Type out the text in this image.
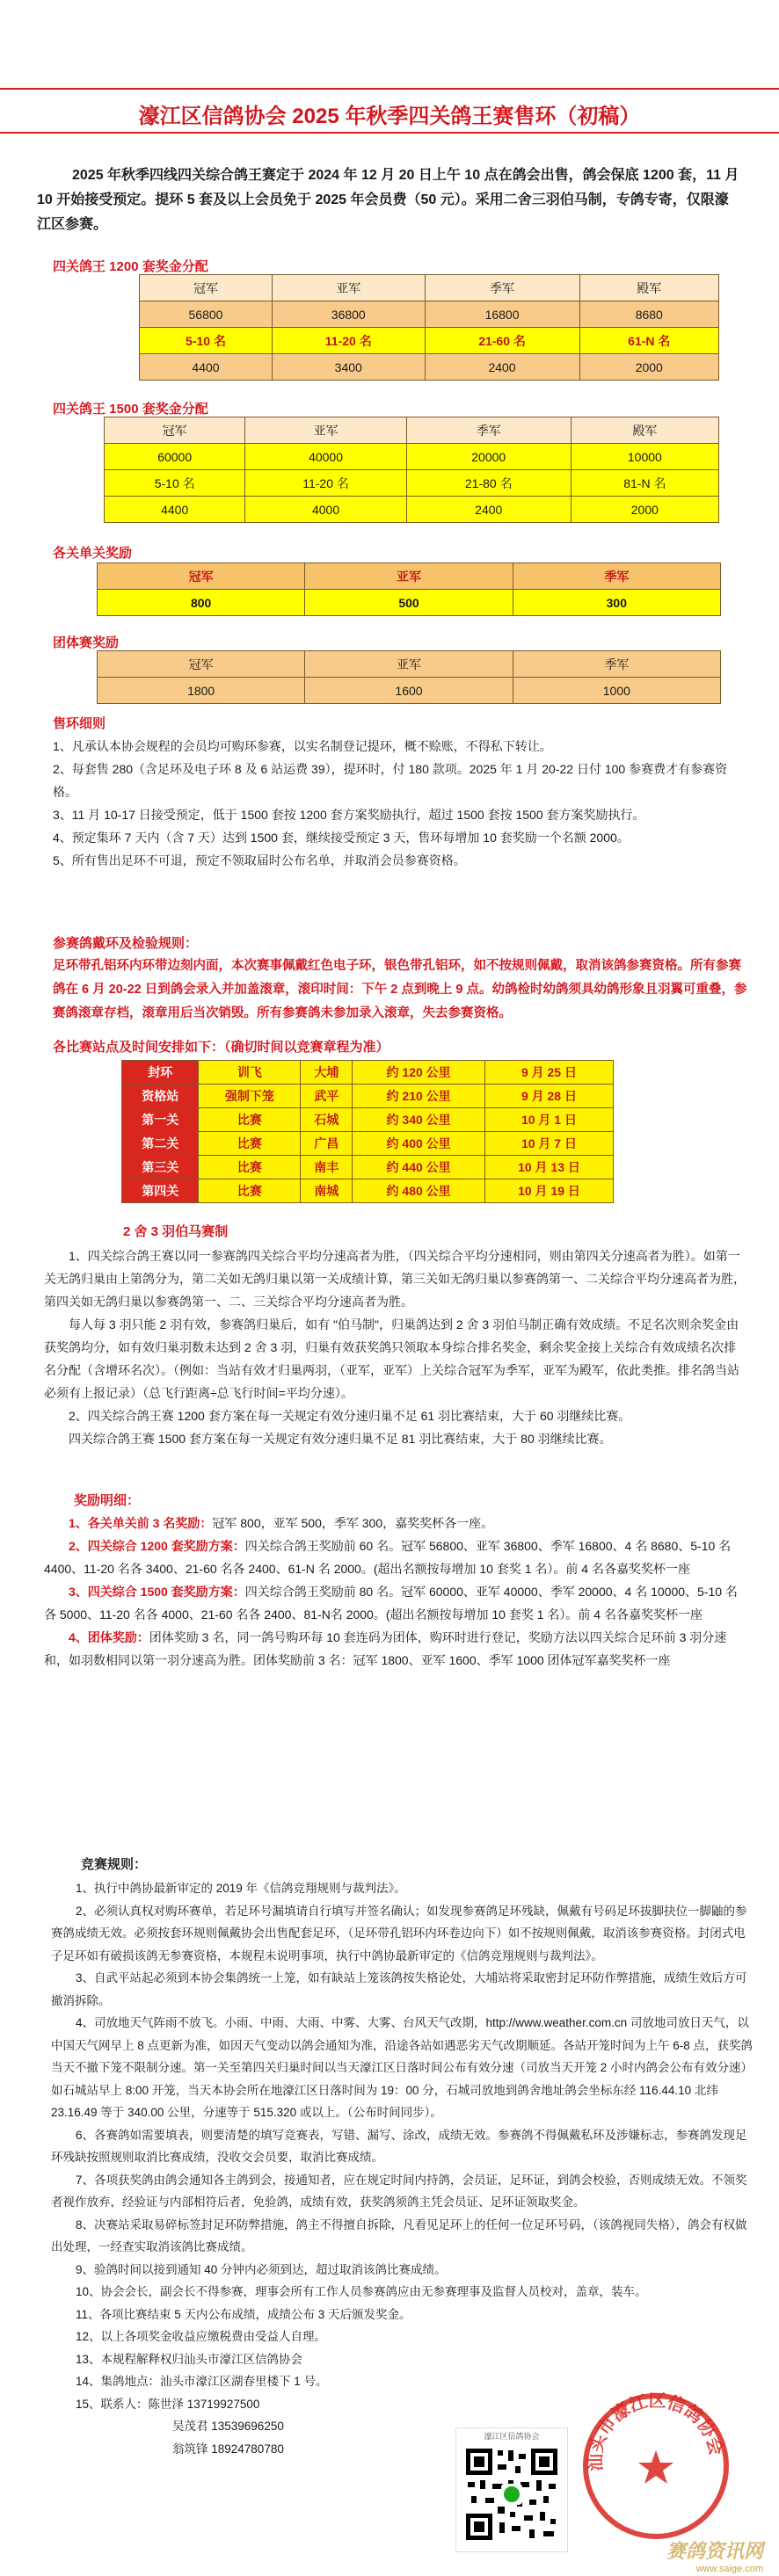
濠江区信鸽协会 2025 年秋季四关鸽王赛售环（初稿）
2025 年秋季四线四关综合鸽王赛定于 2024 年 12 月 20 日上午 10 点在鸽会出售，鸽会保底 1200 套，11 月 10 开始接受预定。提环 5 套及以上会员免于 2025 年会员费（50 元）。采用二舍三羽伯马制，专鸽专寄，仅限濠江区参赛。
四关鸽王 1200 套奖金分配
冠军	亚军	季军	殿军
56800	36800	16800	8680
5-10 名	11-20 名	21-60 名	61-N 名
4400	3400	2400	2000
四关鸽王 1500 套奖金分配
冠军	亚军	季军	殿军
60000	40000	20000	10000
5-10 名	11-20 名	21-80 名	81-N 名
4400	4000	2400	2000
各关单关奖励
冠军	亚军	季军
800	500	300
团体赛奖励
冠军	亚军	季军
1800	1600	1000
售环细则
1、凡承认本协会规程的会员均可购环参赛，以实名制登记提环，概不赊账，不得私下转让。
2、每套售 280（含足环及电子环 8 及 6 站运费 39），提环时，付 180 款项。2025 年 1 月 20-22 日付 100 参赛费才有参赛资格。
3、11 月 10-17 日接受预定，低于 1500 套按 1200 套方案奖励执行，超过 1500 套按 1500 套方案奖励执行。
4、预定集环 7 天内（含 7 天）达到 1500 套，继续接受预定 3 天，售环每增加 10 套奖励一个名额 2000。
5、所有售出足环不可退，预定不领取届时公布名单，并取消会员参赛资格。
参赛鸽戴环及检验规则：
足环带孔铝环内环带边刻内面，本次赛事佩戴红色电子环，银色带孔铝环，如不按规则佩戴，取消该鸽参赛资格。所有参赛鸽在 6 月 20-22 日到鸽会录入并加盖滚章，滚印时间：下午 2 点到晚上 9 点。幼鸽检时幼鸽须具幼鸽形象且羽翼可重叠，参赛鸽滚章存档，滚章用后当次销毁。所有参赛鸽未参加录入滚章，失去参赛资格。
各比赛站点及时间安排如下：（确切时间以竞赛章程为准）
封环	训飞	大埔	约 120 公里	9 月 25 日
资格站	强制下笼	武平	约 210 公里	9 月 28 日
第一关	比赛	石城	约 340 公里	10 月 1 日
第二关	比赛	广昌	约 400 公里	10 月 7 日
第三关	比赛	南丰	约 440 公里	10 月 13 日
第四关	比赛	南城	约 480 公里	10 月 19 日
2 舍 3 羽伯马赛制
1、四关综合鸽王赛以同一参赛鸽四关综合平均分速高者为胜，（四关综合平均分速相同，则由第四关分速高者为胜）。如第一关无鸽归巢由上第鸽分为，第二关如无鸽归巢以第一关成绩计算，第三关如无鸽归巢以参赛鸽第一、二关综合平均分速高者为胜，第四关如无鸽归巢以参赛鸽第一、二、三关综合平均分速高者为胜。
每人每 3 羽只能 2 羽有效，参赛鸽归巢后，如有 "伯马制"，归巢鸽达到 2 舍 3 羽伯马制正确有效成绩。不足名次则余奖金由获奖鸽均分，如有效归巢羽数未达到 2 舍 3 羽，归巢有效获奖鸽只领取本身综合排名奖金，剩余奖金接上关综合有效成绩名次排名分配（含增环名次）。（例如：当站有效才归巢两羽，（亚军，亚军）上关综合冠军为季军，亚军为殿军，依此类推。排名鸽当站必须有上报记录）（总飞行距离÷总飞行时间=平均分速）。
2、四关综合鸽王赛 1200 套方案在每一关规定有效分速归巢不足 61 羽比赛结束，大于 60 羽继续比赛。
四关综合鸽王赛 1500 套方案在每一关规定有效分速归巢不足 81 羽比赛结束，大于 80 羽继续比赛。
奖励明细：
1、各关单关前 3 名奖励：冠军 800，亚军 500，季军 300，嘉奖奖杯各一座。
2、四关综合 1200 套奖励方案：四关综合鸽王奖励前 60 名。冠军 56800、亚军 36800、季军 16800、4 名 8680、5-10 名 4400、11-20 名各 3400、21-60 名各 2400、61-N 名 2000。(超出名额按每增加 10 套奖 1 名）。前 4 名各嘉奖奖杯一座
3、四关综合 1500 套奖励方案：四关综合鸽王奖励前 80 名。冠军 60000、亚军 40000、季军 20000、4 名 10000、5-10 名各 5000、11-20 名各 4000、21-60 名各 2400、81-N名 2000。(超出名额按每增加 10 套奖 1 名）。前 4 名各嘉奖奖杯一座
4、团体奖励：团体奖励 3 名，同一鸽号购环每 10 套连码为团体，购环时进行登记，奖励方法以四关综合足环前 3 羽分速和，如羽数相同以第一羽分速高为胜。团体奖励前 3 名：冠军 1800、亚军 1600、季军 1000 团体冠军嘉奖奖杯一座
竞赛规则：
1、执行中鸽协最新审定的 2019 年《信鸽竞翔规则与裁判法》。
2、必须认真权对购环赛单，若足环号漏填请自行填写并签名确认；如发现参赛鸽足环残缺，佩戴有号码足环拔脚抉位一脚鼬的参赛鸽成绩无效。必须按套环规则佩戴协会出售配套足环，（足环带孔铝环内环卷边向下）如不按规则佩戴，取消该参赛资格。封闭式电子足环如有破损该鸽无参赛资格，本规程未说明事项，执行中鸽协最新审定的《信鸽竞翔规则与裁判法》。
3、自武平站起必须到本协会集鸽统一上笼，如有缺站上笼该鸽按失格论处，大埔站将采取密封足环防作弊措施，成绩生效后方可撤消拆除。
4、司放地天气阵雨不放飞。小雨、中雨、大雨、中雾、大雾、台风天气改期，http://www.weather.com.cn 司放地司放日天气，以中国天气网早上 8 点更新为准，如因天气变动以鸽会通知为准，沿途各站如遇恶劣天气改期顺延。各站开笼时间为上午 6-8 点，获奖鸽当天不撤下笼不限制分速。第一关至第四关归巢时间以当天濠江区日落时间公布有效分速（司放当天开笼 2 小时内鸽会公布有效分速）如石城站早上 8:00 开笼，当天本协会所在地濠江区日落时间为 19：00 分，石城司放地到鸽舍地址鸽会坐标东经 116.44.10 北纬 23.16.49 等于 340.00 公里，分速等于 515.320 或以上。（公布时间同步）。
6、各赛鸽如需要填表，则要清楚的填写竞赛表，写错、漏写、涂改，成绩无效。参赛鸽不得佩戴私环及涉嫌标志，参赛鸽发现足环残缺按照规则取消比赛成绩，没收交会员要，取消比赛成绩。
7、各项获奖鸽由鸽会通知各主鸽到会，接通知者，应在规定时间内持鸽，会员证，足环证，到鸽会校验，否则成绩无效。不领奖者视作放弃，经验证与内部相符后者，免验鸽，成绩有效，获奖鸽须鸽主凭会员证、足环证领取奖金。
8、决赛站采取易碎标签封足环防弊措施，鸽主不得擅自拆除，凡看见足环上的任何一位足环号码，（该鸽视同失格），鸽会有权做出处理，一经查实取消该鸽比赛成绩。
9、验鸽时间以接到通知 40 分钟内必须到达，超过取消该鸽比赛成绩。
10、协会会长，副会长不得参赛，理事会所有工作人员参赛鸽应由无参赛理事及监督人员校对，盖章，装车。
11、各项比赛结束 5 天内公布成绩，成绩公布 3 天后颁发奖金。
12、以上各项奖金收益应缴税费由受益人自理。
13、本规程解释权归汕头市濠江区信鸽协会
14、集鸽地点：汕头市濠江区湖春里楼下 1 号。
15、联系人：陈世泽 13719927500
吴茂君 13539696250
翁筑锋 18924780780
濠江区信鸽协会
汕头市濠江区信鸽协会
赛鸽资讯网
www.saige.com
